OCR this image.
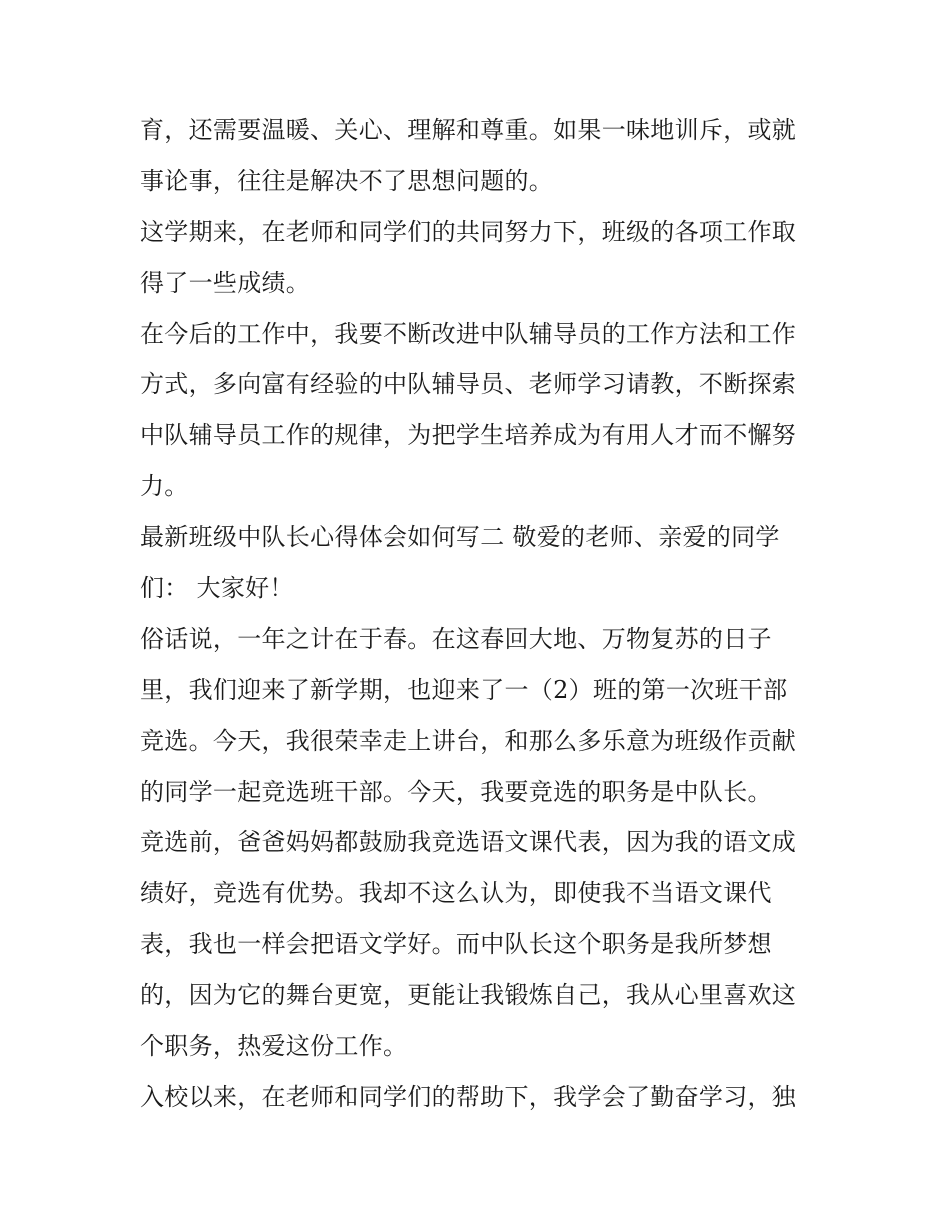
育，还需要温暖、关心、理解和尊重。如果一味地训斥，或就
事论事，往往是解决不了思想问题的。
这学期来，在老师和同学们的共同努力下，班级的各项工作取
得了一些成绩。
在今后的工作中，我要不断改进中队辅导员的工作方法和工作
方式，多向富有经验的中队辅导员、老师学习请教，不断探索
中队辅导员工作的规律，为把学生培养成为有用人才而不懈努
力。
最新班级中队长心得体会如何写二 敬爱的老师、亲爱的同学
们： 大家好！
俗话说，一年之计在于春。在这春回大地、万物复苏的日子
里，我们迎来了新学期，也迎来了一（2）班的第一次班干部
竞选。今天，我很荣幸走上讲台，和那么多乐意为班级作贡献
的同学一起竞选班干部。今天，我要竞选的职务是中队长。
竞选前，爸爸妈妈都鼓励我竞选语文课代表，因为我的语文成
绩好，竞选有优势。我却不这么认为，即使我不当语文课代
表，我也一样会把语文学好。而中队长这个职务是我所梦想
的，因为它的舞台更宽，更能让我锻炼自己，我从心里喜欢这
个职务，热爱这份工作。
入校以来，在老师和同学们的帮助下，我学会了勤奋学习，独
